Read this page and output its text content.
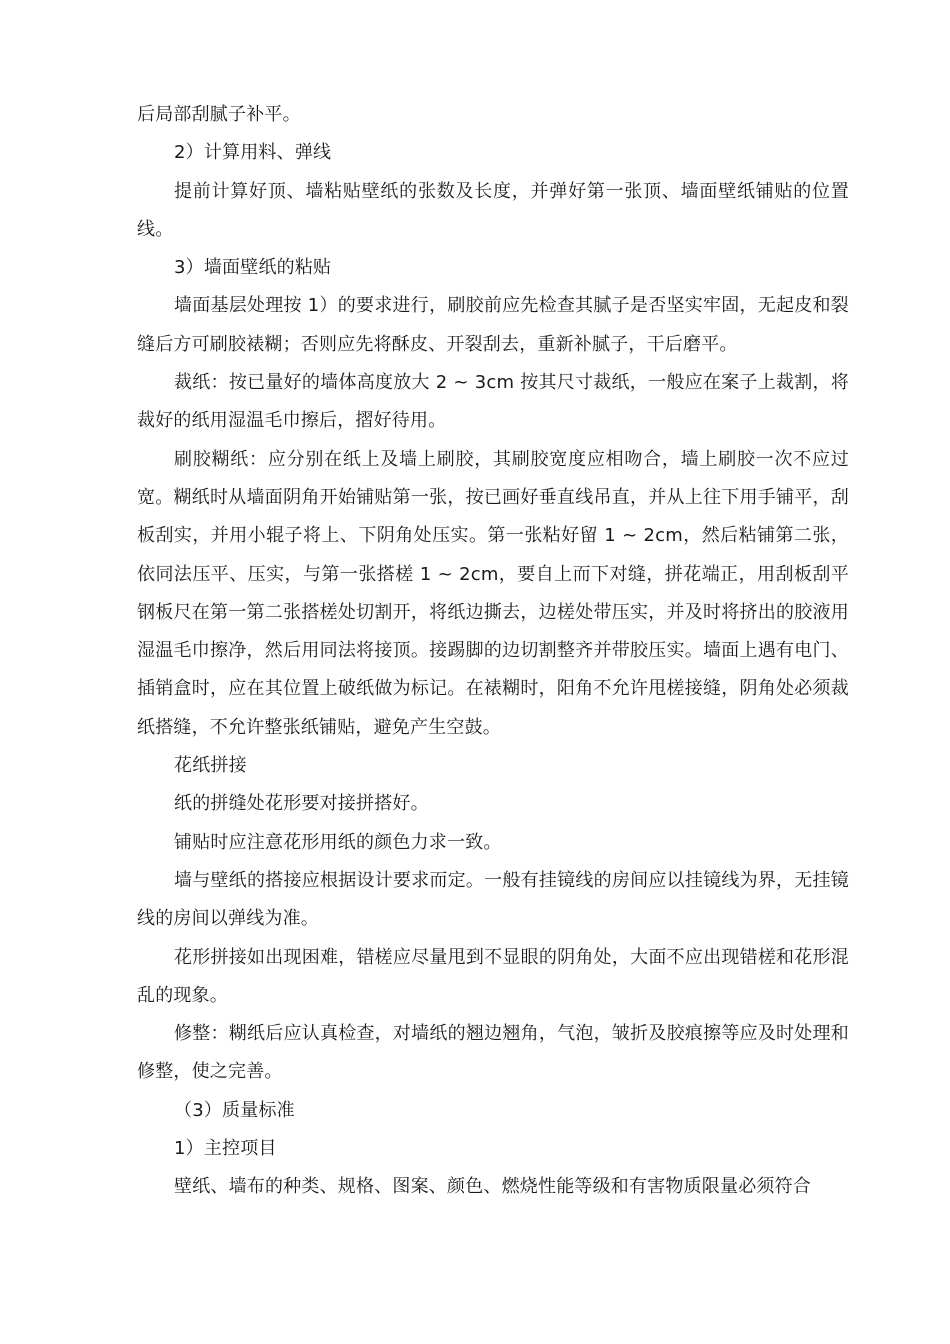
后局部刮腻子补平。

2）计算用料、弹线

提前计算好顶、墙粘贴壁纸的张数及长度，并弹好第一张顶、墙面壁纸铺贴的位置线。

3）墙面壁纸的粘贴

墙面基层处理按 1）的要求进行，刷胶前应先检查其腻子是否坚实牢固，无起皮和裂缝后方可刷胶裱糊；否则应先将酥皮、开裂刮去，重新补腻子，干后磨平。

裁纸：按已量好的墙体高度放大 2 ~ 3cm 按其尺寸裁纸，一般应在案子上裁割，将裁好的纸用湿温毛巾擦后，摺好待用。

刷胶糊纸：应分别在纸上及墙上刷胶，其刷胶宽度应相吻合，墙上刷胶一次不应过宽。糊纸时从墙面阴角开始铺贴第一张，按已画好垂直线吊直，并从上往下用手铺平，刮板刮实，并用小辊子将上、下阴角处压实。第一张粘好留 1 ~ 2cm，然后粘铺第二张，依同法压平、压实，与第一张搭槎 1 ~ 2cm，要自上而下对缝，拼花端正，用刮板刮平钢板尺在第一第二张搭槎处切割开，将纸边撕去，边槎处带压实，并及时将挤出的胶液用湿温毛巾擦净，然后用同法将接顶。接踢脚的边切割整齐并带胶压实。墙面上遇有电门、插销盒时，应在其位置上破纸做为标记。在裱糊时，阳角不允许甩槎接缝，阴角处必须裁纸搭缝，不允许整张纸铺贴，避免产生空鼓。

花纸拼接

纸的拼缝处花形要对接拼搭好。

铺贴时应注意花形用纸的颜色力求一致。

墙与壁纸的搭接应根据设计要求而定。一般有挂镜线的房间应以挂镜线为界，无挂镜线的房间以弹线为准。

花形拼接如出现困难，错槎应尽量甩到不显眼的阴角处，大面不应出现错槎和花形混乱的现象。

修整：糊纸后应认真检查，对墙纸的翘边翘角，气泡，皱折及胶痕擦等应及时处理和修整，使之完善。

（3）质量标准

1）主控项目

壁纸、墙布的种类、规格、图案、颜色、燃烧性能等级和有害物质限量必须符合
